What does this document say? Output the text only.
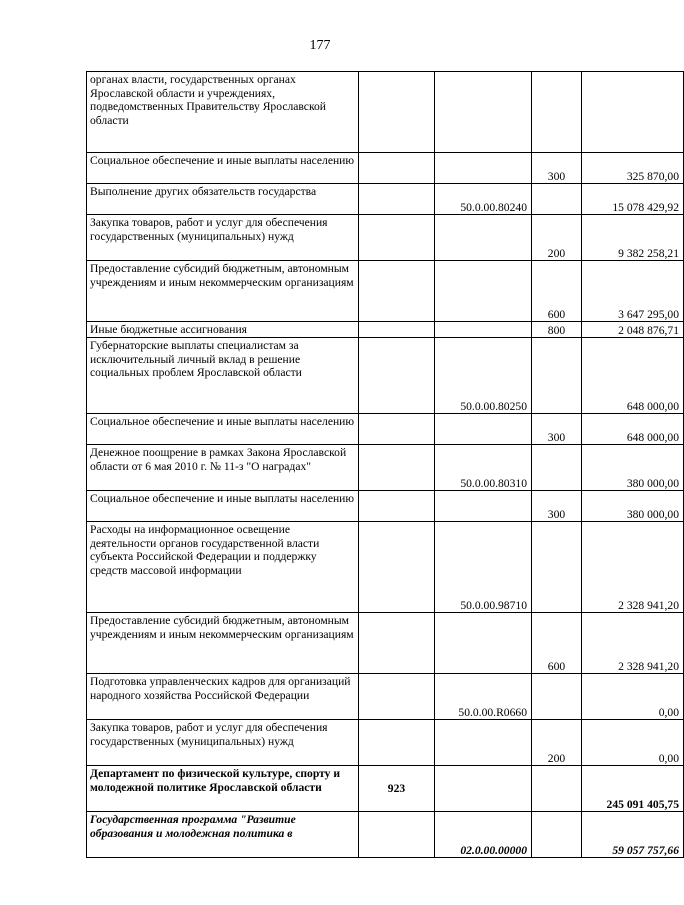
177
органах власти, государственных органах Ярославской области и учреждениях, подведомственных Правительству Ярославской области				
Социальное обеспечение и иные выплаты населению			300	325 870,00
Выполнение других обязательств государства		50.0.00.80240		15 078 429,92
Закупка товаров, работ и услуг для обеспечения государственных (муниципальных) нужд			200	9 382 258,21
Предоставление субсидий бюджетным, автономным учреждениям и иным некоммерческим организациям			600	3 647 295,00
Иные бюджетные ассигнования			800	2 048 876,71
Губернаторские выплаты специалистам за исключительный личный вклад в решение социальных проблем Ярославской области		50.0.00.80250		648 000,00
Социальное обеспечение и иные выплаты населению			300	648 000,00
Денежное поощрение в рамках Закона Ярославской области от 6 мая 2010 г. № 11-з "О наградах"		50.0.00.80310		380 000,00
Социальное обеспечение и иные выплаты населению			300	380 000,00
Расходы на информационное освещение деятельности органов государственной власти субъекта Российской Федерации и поддержку средств массовой информации		50.0.00.98710		2 328 941,20
Предоставление субсидий бюджетным, автономным учреждениям и иным некоммерческим организациям			600	2 328 941,20
Подготовка управленческих кадров для организаций народного хозяйства Российской Федерации		50.0.00.R0660		0,00
Закупка товаров, работ и услуг для обеспечения государственных (муниципальных) нужд			200	0,00
Департамент по физической культуре, спорту и молодежной политике Ярославской области	923			245 091 405,75
Государственная программа "Развитие образования и молодежная политика в		02.0.00.00000		59 057 757,66
